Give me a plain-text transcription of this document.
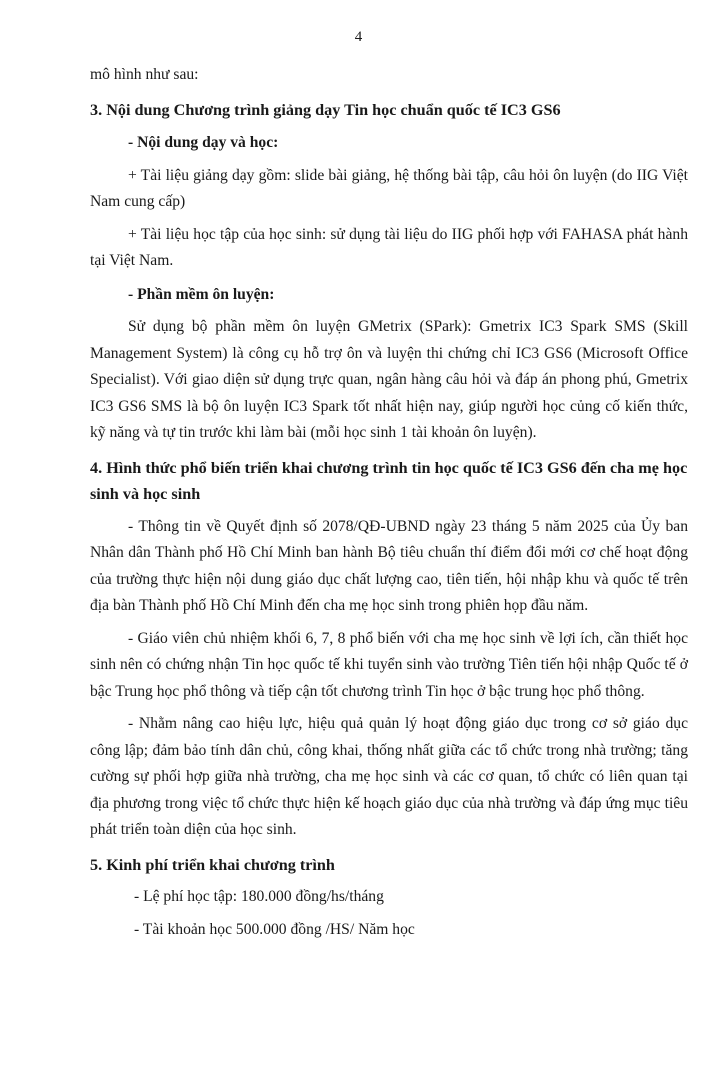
4

mô hình như sau:

3. Nội dung Chương trình giảng dạy Tin học chuẩn quốc tế IC3 GS6

- Nội dung dạy và học:

+ Tài liệu giảng dạy gồm: slide bài giảng, hệ thống bài tập, câu hỏi ôn luyện (do IIG Việt Nam cung cấp)

+ Tài liệu học tập của học sinh: sử dụng tài liệu do IIG phối hợp với FAHASA phát hành tại Việt Nam.

- Phần mềm ôn luyện:

Sử dụng bộ phần mềm ôn luyện GMetrix (SPark): Gmetrix IC3 Spark SMS (Skill Management System) là công cụ hỗ trợ ôn và luyện thi chứng chỉ IC3 GS6 (Microsoft Office Specialist). Với giao diện sử dụng trực quan, ngân hàng câu hỏi và đáp án phong phú, Gmetrix IC3 GS6 SMS là bộ ôn luyện IC3 Spark tốt nhất hiện nay, giúp người học củng cố kiến thức, kỹ năng và tự tin trước khi làm bài (mỗi học sinh 1 tài khoản ôn luyện).

4. Hình thức phổ biến triển khai chương trình tin học quốc tế IC3 GS6 đến cha mẹ học sinh và học sinh

- Thông tin về Quyết định số 2078/QĐ-UBND ngày 23 tháng 5 năm 2025 của Ủy ban Nhân dân Thành phố Hồ Chí Minh ban hành Bộ tiêu chuẩn thí điểm đổi mới cơ chế hoạt động của trường thực hiện nội dung giáo dục chất lượng cao, tiên tiến, hội nhập khu và quốc tế trên địa bàn Thành phố Hồ Chí Minh đến cha mẹ học sinh trong phiên họp đầu năm.

- Giáo viên chủ nhiệm khối 6, 7, 8 phổ biến với cha mẹ học sinh về lợi ích, cần thiết học sinh nên có chứng nhận Tin học quốc tế khi tuyển sinh vào trường Tiên tiến hội nhập Quốc tế ở bậc Trung học phổ thông và tiếp cận tốt chương trình Tin học ở bậc trung học phổ thông.

- Nhằm nâng cao hiệu lực, hiệu quả quản lý hoạt động giáo dục trong cơ sở giáo dục công lập; đảm bảo tính dân chủ, công khai, thống nhất giữa các tổ chức trong nhà trường; tăng cường sự phối hợp giữa nhà trường, cha mẹ học sinh và các cơ quan, tổ chức có liên quan tại địa phương trong việc tổ chức thực hiện kế hoạch giáo dục của nhà trường và đáp ứng mục tiêu phát triển toàn diện của học sinh.

5. Kinh phí triển khai chương trình

- Lệ phí học tập: 180.000 đồng/hs/tháng

- Tài khoản học 500.000 đồng /HS/ Năm học
